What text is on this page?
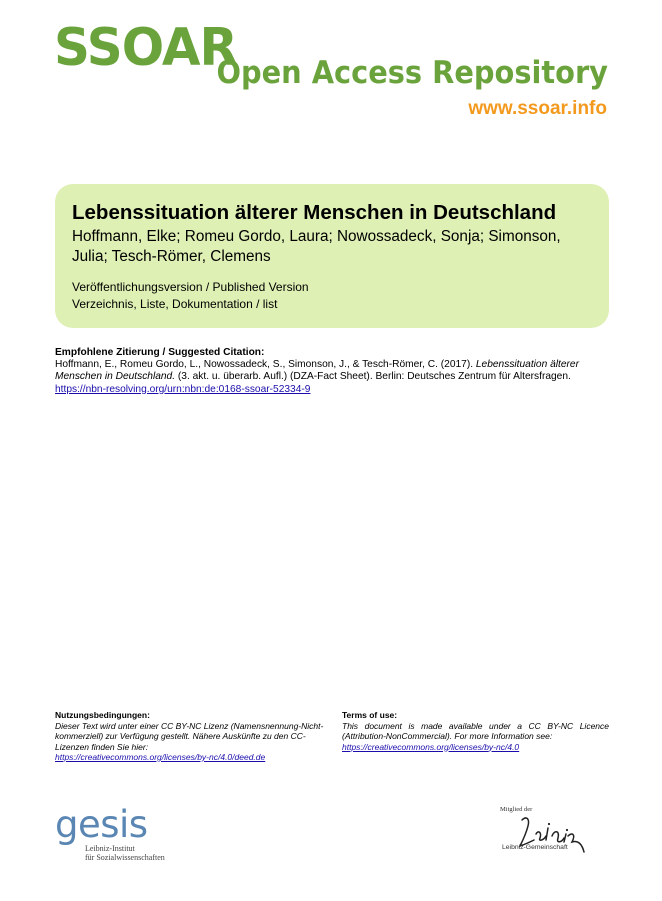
SSOAR
Open Access Repository
www.ssoar.info
Lebenssituation älterer Menschen in Deutschland
Hoffmann, Elke; Romeu Gordo, Laura; Nowossadeck, Sonja; Simonson, Julia; Tesch-Römer, Clemens
Veröffentlichungsversion / Published Version
Verzeichnis, Liste, Dokumentation / list
Empfohlene Zitierung / Suggested Citation:
Hoffmann, E., Romeu Gordo, L., Nowossadeck, S., Simonson, J., & Tesch-Römer, C. (2017). Lebenssituation älterer Menschen in Deutschland. (3. akt. u. überarb. Aufl.) (DZA-Fact Sheet). Berlin: Deutsches Zentrum für Altersfragen.
https://nbn-resolving.org/urn:nbn:de:0168-ssoar-52334-9
Nutzungsbedingungen:
Dieser Text wird unter einer CC BY-NC Lizenz (Namensnennung-Nicht-kommerziell) zur Verfügung gestellt. Nähere Auskünfte zu den CC-Lizenzen finden Sie hier:
https://creativecommons.org/licenses/by-nc/4.0/deed.de
Terms of use:
This document is made available under a CC BY-NC Licence (Attribution-NonCommercial). For more Information see:
https://creativecommons.org/licenses/by-nc/4.0
gesis
Leibniz-Institut
für Sozialwissenschaften
Mitglied der
Leibniz-Gemeinschaft
